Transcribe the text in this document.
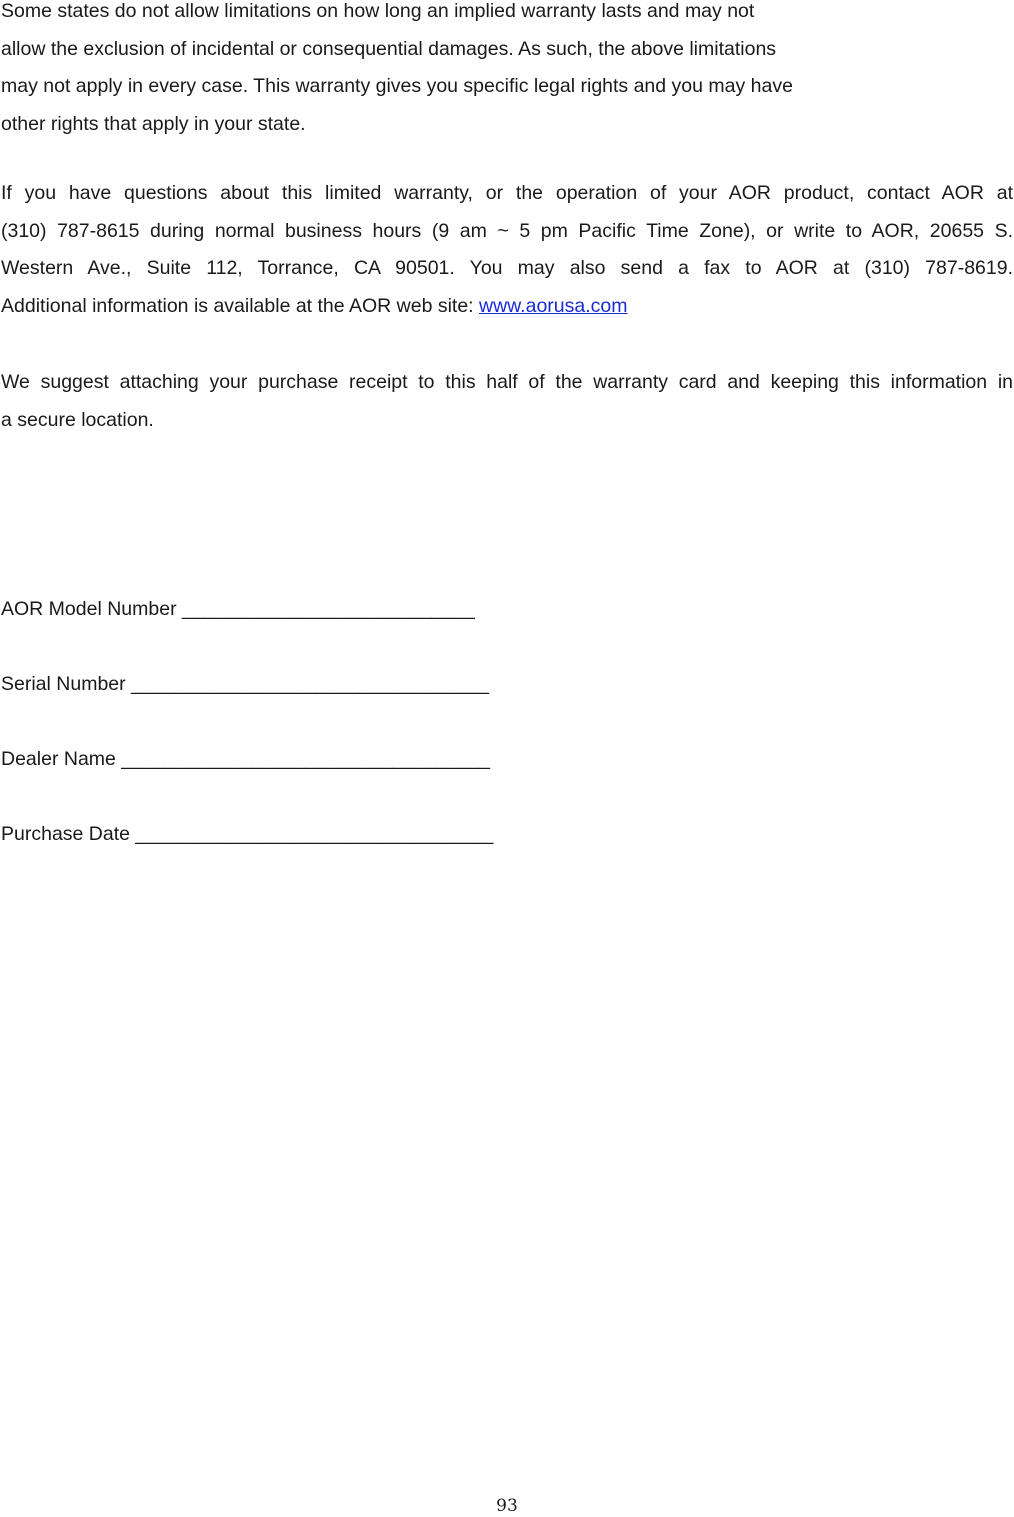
Some states do not allow limitations on how long an implied warranty lasts and may not
allow the exclusion of incidental or consequential damages. As such, the above limitations
may not apply in every case. This warranty gives you specific legal rights and you may have
other rights that apply in your state.
If you have questions about this limited warranty, or the operation of your AOR product, contact AOR at
(310) 787-8615 during normal business hours (9 am ~ 5 pm Pacific Time Zone), or write to AOR, 20655 S.
Western Ave., Suite 112, Torrance, CA 90501. You may also send a fax to AOR at (310) 787-8619.
Additional information is available at the AOR web site: www.aorusa.com
We suggest attaching your purchase receipt to this half of the warranty card and keeping this information in
a secure location.
AOR Model Number ___________________________
Serial Number _________________________________
Dealer Name __________________________________
Purchase Date _________________________________
93
